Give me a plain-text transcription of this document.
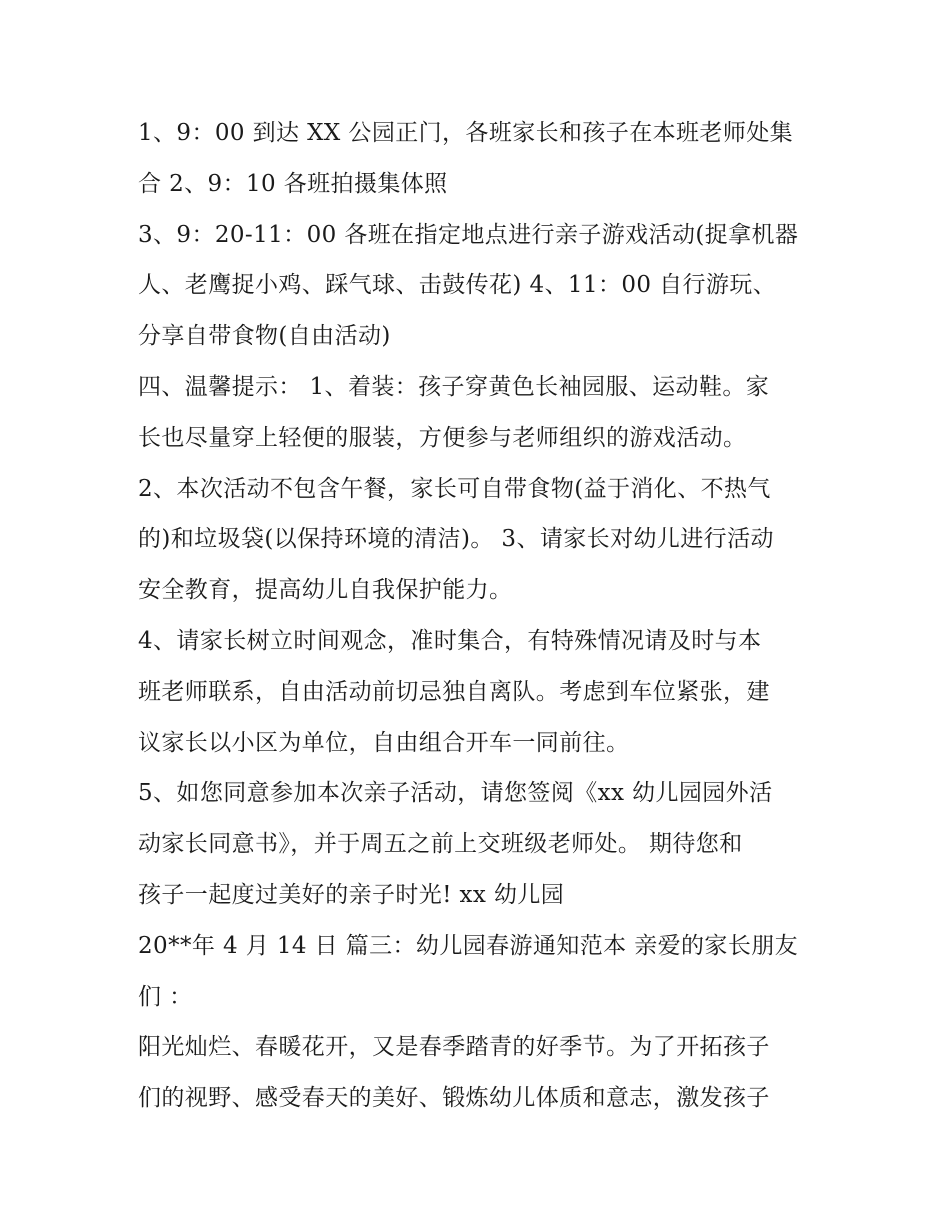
1、9：00 到达 XX 公园正门，各班家长和孩子在本班老师处集
合 2、9：10 各班拍摄集体照
3、9：20-11：00 各班在指定地点进行亲子游戏活动(捉拿机器
人、老鹰捉小鸡、踩气球、击鼓传花) 4、11：00 自行游玩、
分享自带食物(自由活动)
四、温馨提示： 1、着装：孩子穿黄色长袖园服、运动鞋。家
长也尽量穿上轻便的服装，方便参与老师组织的游戏活动。
2、本次活动不包含午餐，家长可自带食物(益于消化、不热气
的)和垃圾袋(以保持环境的清洁)。 3、请家长对幼儿进行活动
安全教育，提高幼儿自我保护能力。
4、请家长树立时间观念，准时集合，有特殊情况请及时与本
班老师联系，自由活动前切忌独自离队。考虑到车位紧张，建
议家长以小区为单位，自由组合开车一同前往。
5、如您同意参加本次亲子活动，请您签阅《xx 幼儿园园外活
动家长同意书》，并于周五之前上交班级老师处。 期待您和
孩子一起度过美好的亲子时光! xx 幼儿园
20**年 4 月 14 日 篇三：幼儿园春游通知范本 亲爱的家长朋友
们 ：
阳光灿烂、春暖花开，又是春季踏青的好季节。为了开拓孩子
们的视野、感受春天的美好、锻炼幼儿体质和意志，激发孩子
